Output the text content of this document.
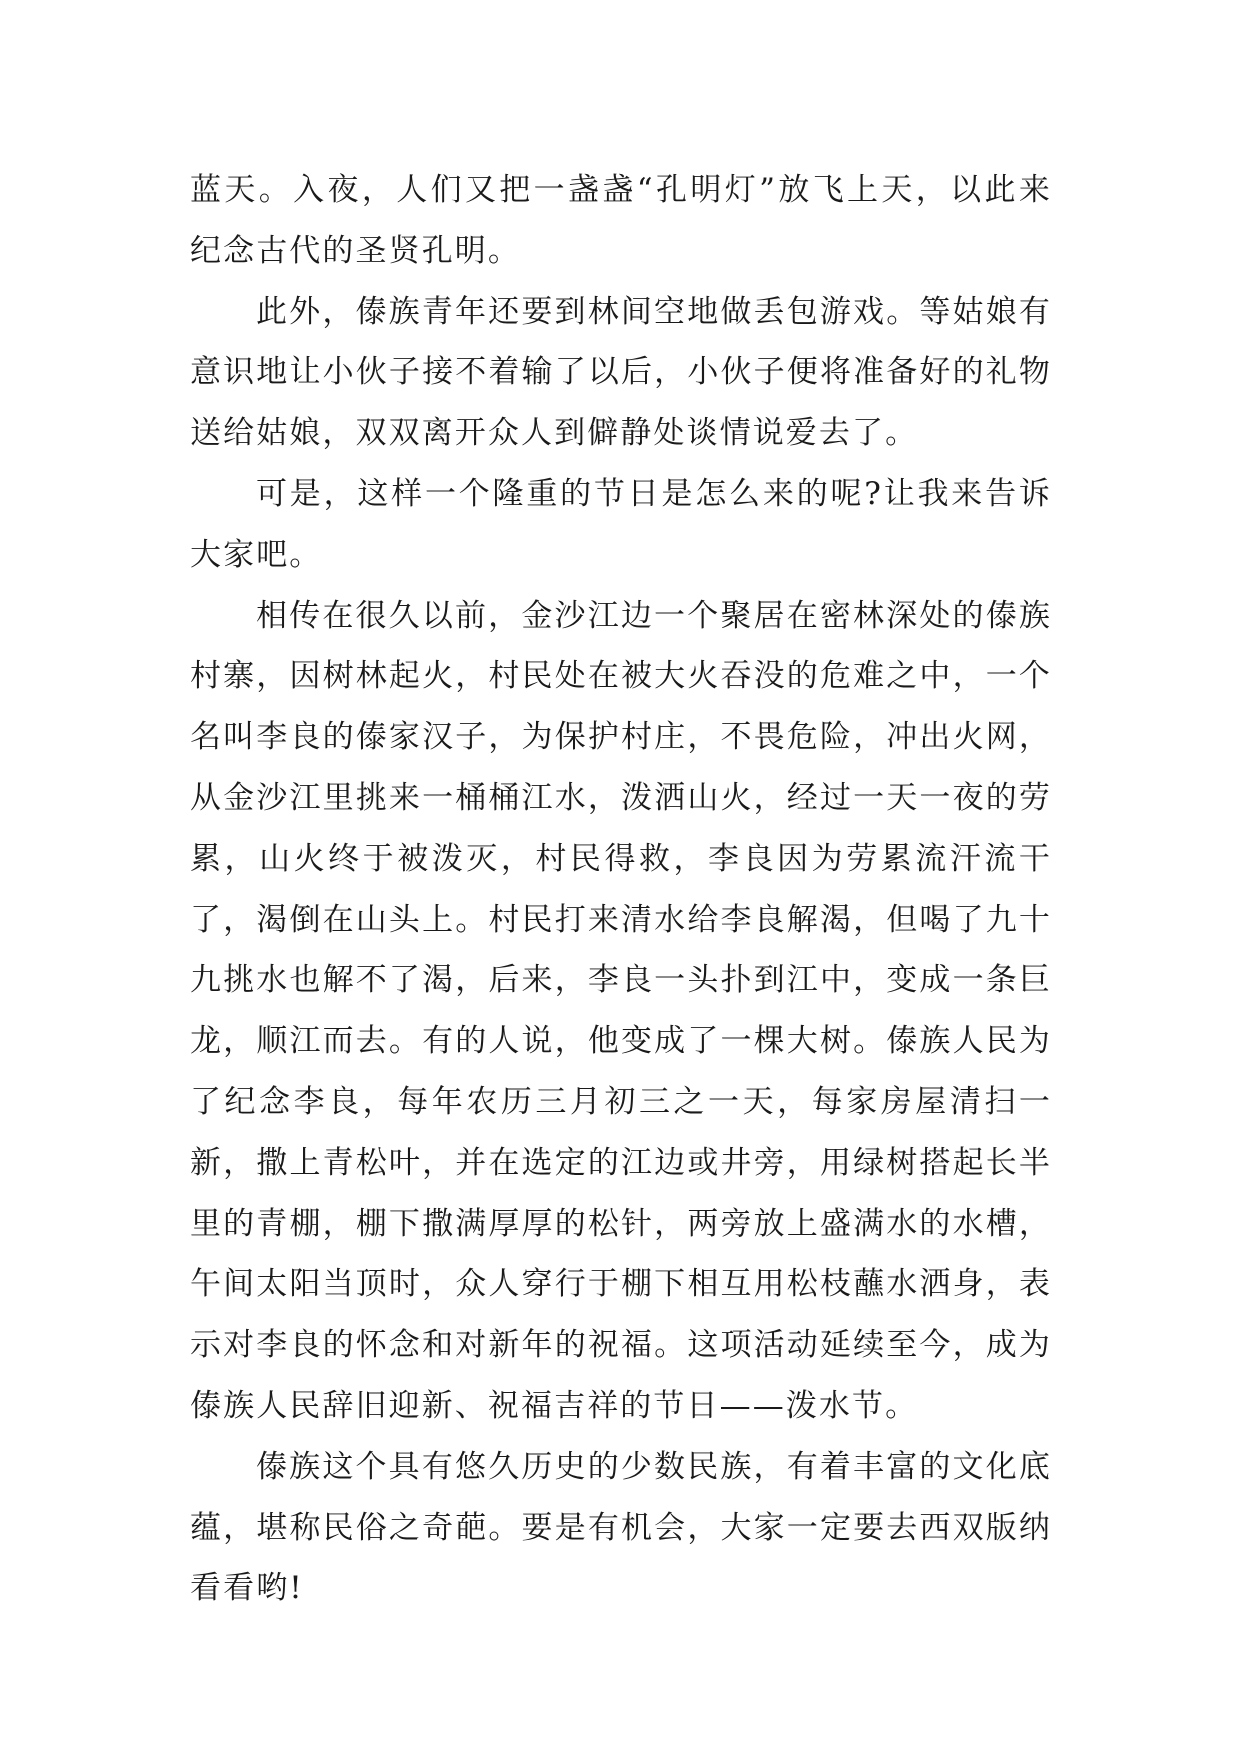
蓝天。入夜，人们又把一盏盏“孔明灯”放飞上天，以此来纪念古代的圣贤孔明。

此外，傣族青年还要到林间空地做丢包游戏。等姑娘有意识地让小伙子接不着输了以后，小伙子便将准备好的礼物送给姑娘，双双离开众人到僻静处谈情说爱去了。

可是，这样一个隆重的节日是怎么来的呢?让我来告诉大家吧。

相传在很久以前，金沙江边一个聚居在密林深处的傣族村寨，因树林起火，村民处在被大火吞没的危难之中，一个名叫李良的傣家汉子，为保护村庄，不畏危险，冲出火网，从金沙江里挑来一桶桶江水，泼洒山火，经过一天一夜的劳累，山火终于被泼灭，村民得救，李良因为劳累流汗流干了，渴倒在山头上。村民打来清水给李良解渴，但喝了九十九挑水也解不了渴，后来，李良一头扑到江中，变成一条巨龙，顺江而去。有的人说，他变成了一棵大树。傣族人民为了纪念李良，每年农历三月初三之一天，每家房屋清扫一新，撒上青松叶，并在选定的江边或井旁，用绿树搭起长半里的青棚，棚下撒满厚厚的松针，两旁放上盛满水的水槽，午间太阳当顶时，众人穿行于棚下相互用松枝蘸水洒身，表示对李良的怀念和对新年的祝福。这项活动延续至今，成为傣族人民辞旧迎新、祝福吉祥的节日——泼水节。

傣族这个具有悠久历史的少数民族，有着丰富的文化底蕴，堪称民俗之奇葩。要是有机会，大家一定要去西双版纳看看哟!
